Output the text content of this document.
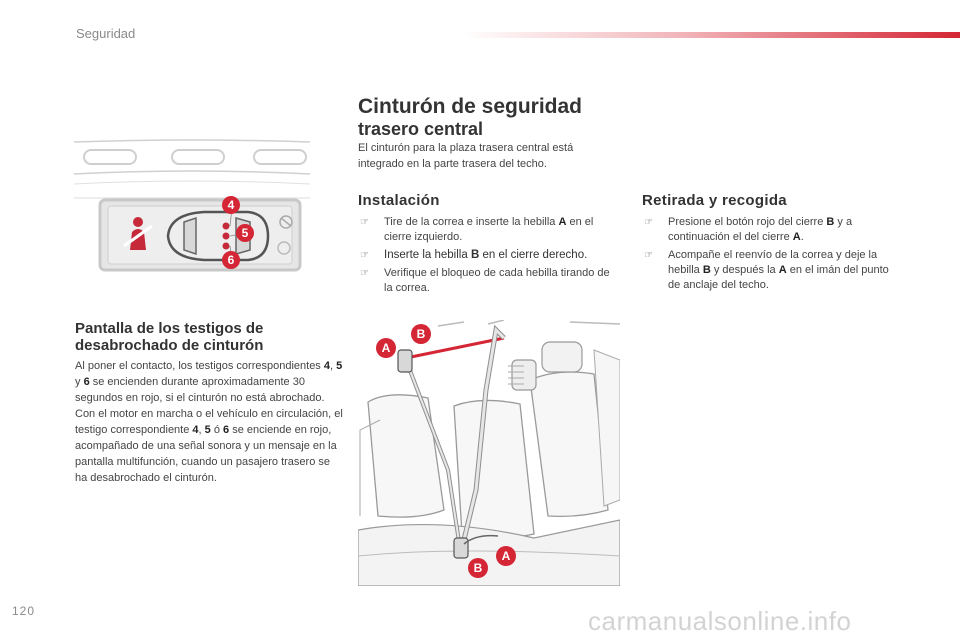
Seguridad
4
5
6
Cinturón de seguridad
trasero central
El cinturón para la plaza trasera central está integrado en la parte trasera del techo.
Instalación
☞ Tire de la correa e inserte la hebilla A en el cierre izquierdo.
☞ Inserte la hebilla B en el cierre derecho.
☞ Verifique el bloqueo de cada hebilla tirando de la correa.
Retirada y recogida
☞ Presione el botón rojo del cierre B y a continuación el del cierre A.
☞ Acompañe el reenvío de la correa y deje la hebilla B y después la A en el imán del punto de anclaje del techo.
Pantalla de los testigos de desabrochado de cinturón
Al poner el contacto, los testigos correspondientes 4, 5 y 6 se encienden durante aproximadamente 30 segundos en rojo, si el cinturón no está abrochado.
Con el motor en marcha o el vehículo en circulación, el testigo correspondiente 4, 5 ó 6 se enciende en rojo, acompañado de una señal sonora y un mensaje en la pantalla multifunción, cuando un pasajero trasero se ha desabrochado el cinturón.
B
A
A
B
120	carmanualsonline.info
